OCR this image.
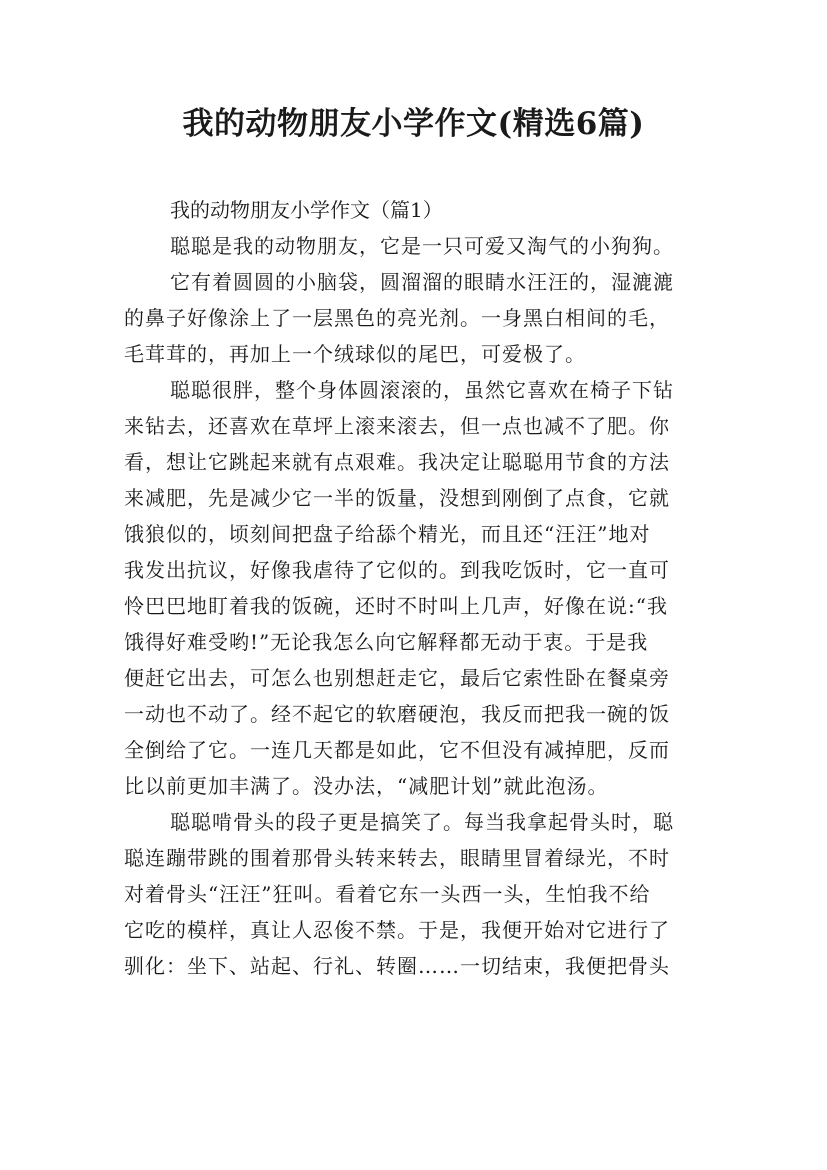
我的动物朋友小学作文(精选6篇)

我的动物朋友小学作文（篇1）

聪聪是我的动物朋友，它是一只可爱又淘气的小狗狗。

它有着圆圆的小脑袋，圆溜溜的眼睛水汪汪的，湿漉漉

的鼻子好像涂上了一层黑色的亮光剂。一身黑白相间的毛，

毛茸茸的，再加上一个绒球似的尾巴，可爱极了。

聪聪很胖，整个身体圆滚滚的，虽然它喜欢在椅子下钻

来钻去，还喜欢在草坪上滚来滚去，但一点也减不了肥。你

看，想让它跳起来就有点艰难。我决定让聪聪用节食的方法

来减肥，先是减少它一半的饭量，没想到刚倒了点食，它就

饿狼似的，顷刻间把盘子给舔个精光，而且还“汪汪”地对

我发出抗议，好像我虐待了它似的。到我吃饭时，它一直可

怜巴巴地盯着我的饭碗，还时不时叫上几声，好像在说:“我

饿得好难受哟!”无论我怎么向它解释都无动于衷。于是我

便赶它出去，可怎么也别想赶走它，最后它索性卧在餐桌旁

一动也不动了。经不起它的软磨硬泡，我反而把我一碗的饭

全倒给了它。一连几天都是如此，它不但没有减掉肥，反而

比以前更加丰满了。没办法，“减肥计划”就此泡汤。

聪聪啃骨头的段子更是搞笑了。每当我拿起骨头时，聪

聪连蹦带跳的围着那骨头转来转去，眼睛里冒着绿光，不时

对着骨头“汪汪”狂叫。看着它东一头西一头，生怕我不给

它吃的模样，真让人忍俊不禁。于是，我便开始对它进行了

驯化：坐下、站起、行礼、转圈……一切结束，我便把骨头
